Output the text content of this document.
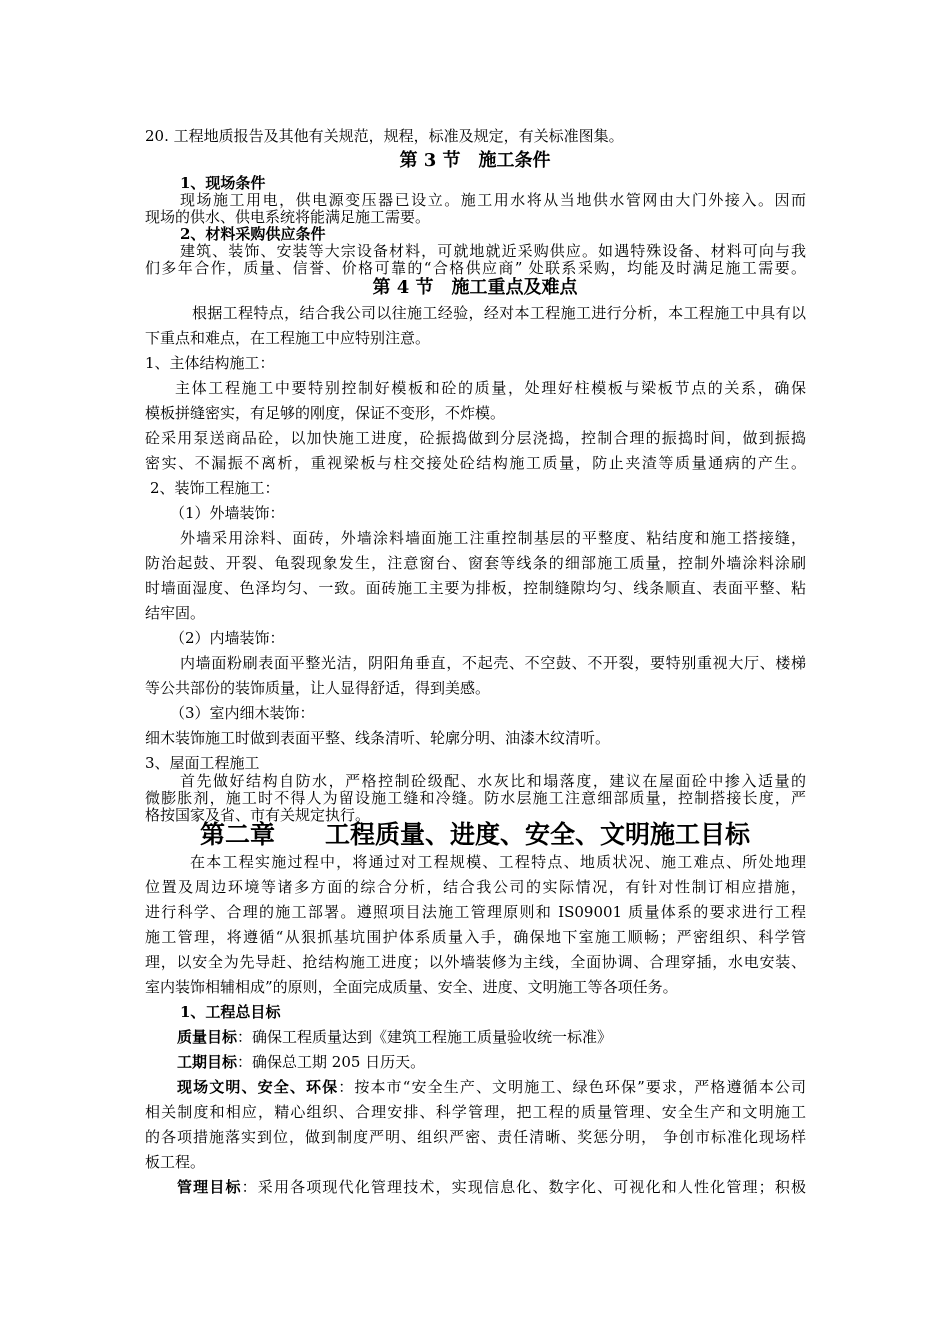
20. 工程地质报告及其他有关规范，规程，标准及规定，有关标准图集。
第 3 节　施工条件
1、现场条件
现场施工用电，供电源变压器已设立。施工用水将从当地供水管网由大门外接入。因而
现场的供水、供电系统将能满足施工需要。
2、材料采购供应条件
建筑、装饰、安装等大宗设备材料，可就地就近采购供应。如遇特殊设备、材料可向与我
们多年合作，质量、信誉、价格可靠的“合格供应商” 处联系采购，均能及时满足施工需要。
第 4 节　施工重点及难点
根据工程特点，结合我公司以往施工经验，经对本工程施工进行分析，本工程施工中具有以
下重点和难点，在工程施工中应特别注意。
1、主体结构施工：
主体工程施工中要特别控制好模板和砼的质量，处理好柱模板与梁板节点的关系，确保
模板拼缝密实，有足够的刚度，保证不变形，不炸模。
砼采用泵送商品砼，以加快施工进度，砼振捣做到分层浇捣，控制合理的振捣时间，做到振捣
密实、不漏振不离析，重视梁板与柱交接处砼结构施工质量，防止夹渣等质量通病的产生。
2、装饰工程施工：
（1）外墙装饰：
外墙采用涂料、面砖，外墙涂料墙面施工注重控制基层的平整度、粘结度和施工搭接缝，
防治起鼓、开裂、龟裂现象发生，注意窗台、窗套等线条的细部施工质量，控制外墙涂料涂刷
时墙面湿度、色泽均匀、一致。面砖施工主要为排板，控制缝隙均匀、线条顺直、表面平整、粘
结牢固。
（2）内墙装饰：
内墙面粉刷表面平整光洁，阴阳角垂直，不起壳、不空鼓、不开裂，要特别重视大厅、楼梯
等公共部份的装饰质量，让人显得舒适，得到美感。
（3）室内细木装饰：
细木装饰施工时做到表面平整、线条清听、轮廓分明、油漆木纹清听。
3、屋面工程施工
首先做好结构自防水，严格控制砼级配、水灰比和塌落度，建议在屋面砼中掺入适量的
微膨胀剂，施工时不得人为留设施工缝和冷缝。防水层施工注意细部质量，控制搭接长度，严
格按国家及省、市有关规定执行。
第二章　　工程质量、进度、安全、文明施工目标
在本工程实施过程中，将通过对工程规模、工程特点、地质状况、施工难点、所处地理
位置及周边环境等诸多方面的综合分析，结合我公司的实际情况，有针对性制订相应措施，
进行科学、合理的施工部署。遵照项目法施工管理原则和 IS09001 质量体系的要求进行工程
施工管理，将遵循“从狠抓基坑围护体系质量入手，确保地下室施工顺畅；严密组织、科学管
理，以安全为先导赶、抢结构施工进度；以外墙装修为主线，全面协调、合理穿插，水电安装、
室内装饰相辅相成”的原则，全面完成质量、安全、进度、文明施工等各项任务。
1、工程总目标
质量目标：确保工程质量达到《建筑工程施工质量验收统一标准》
工期目标：确保总工期 205 日历天。
现场文明、安全、环保：按本市“安全生产、文明施工、绿色环保”要求，严格遵循本公司
相关制度和相应，精心组织、合理安排、科学管理，把工程的质量管理、安全生产和文明施工
的各项措施落实到位，做到制度严明、组织严密、责任清晰、奖惩分明， 争创市标准化现场样
板工程。
管理目标：采用各项现代化管理技术，实现信息化、数字化、可视化和人性化管理；积极
